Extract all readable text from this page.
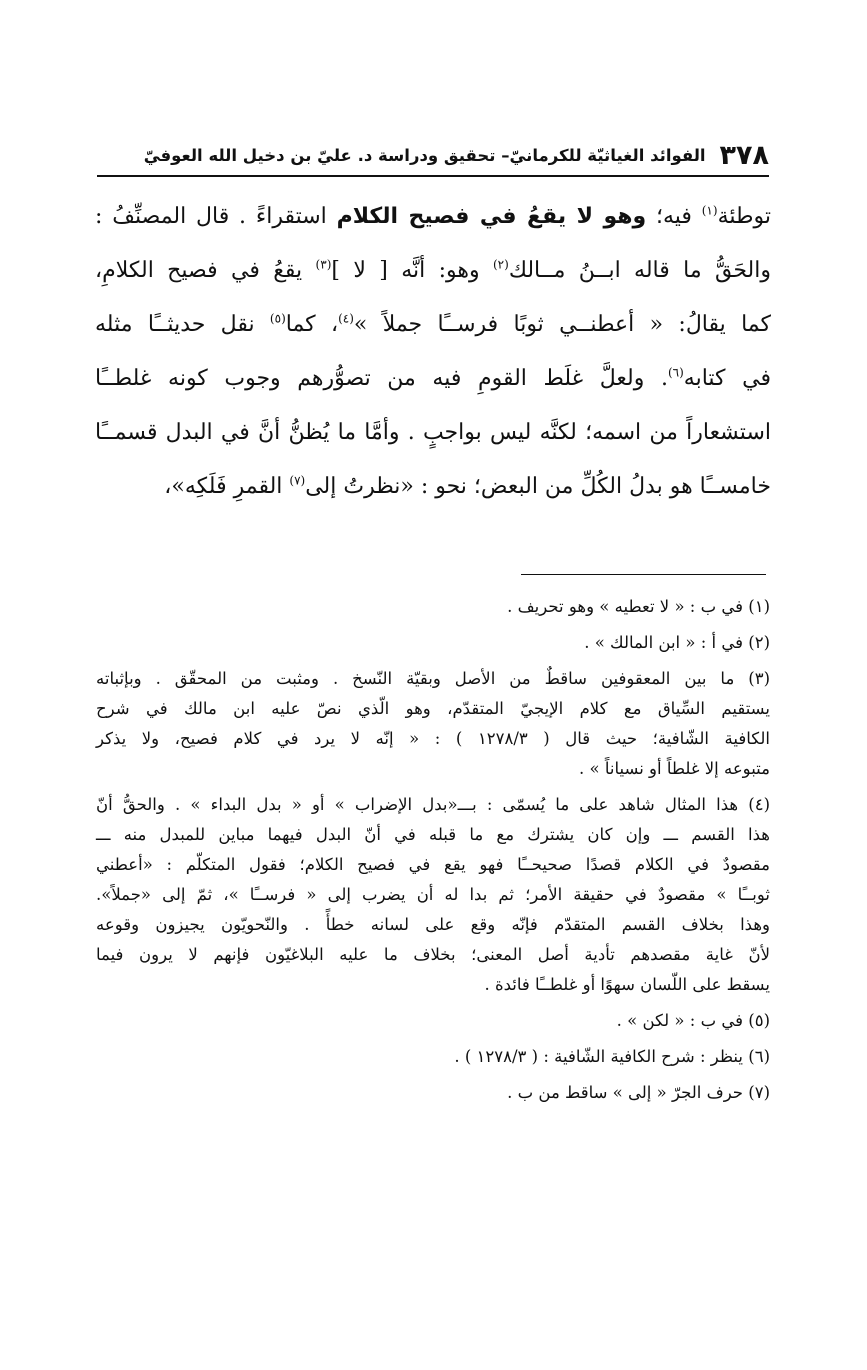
٣٧٨
الفوائد الغياثيّة للكرمانيّ– تحقيق ودراسة د. عليّ بن دخيل الله العوفيّ
توطئة$^{(١)}$ فيه؛ وهو لا يقعُ في فصيح الكلام استقراءً . قال المصنِّفُ :
والحَقُّ ما قاله ابــنُ مــالك$^{(٢)}$ وهو: أنَّه [ لا ]$^{(٣)}$ يقعُ في فصيح الكلامِ،
كما يقالُ: « أعطنــي ثوبًا فرســًا جملاً »$^{(٤)}$، كما$^{(٥)}$ نقل حديثــًا مثله
في كتابه$^{(٦)}$. ولعلَّ غلَط القومِ فيه من تصوُّرهم وجوب كونه غلطــًا
استشعاراً من اسمه؛ لكنَّه ليس بواجبٍ . وأمَّا ما يُظنُّ أنَّ في البدل قسمــًا
خامســًا هو بدلُ الكُلِّ من البعض؛ نحو : «نظرتُ إلى$^{(٧)}$ القمرِ فَلَكِه»،
(١) في ب : « لا تعطيه » وهو تحريف .
(٢) في أ : « ابن المالك » .
(٣) ما بين المعقوفين ساقطٌ من الأصل وبقيّة النّسخ . ومثبت من المحقّق . وبإثباته
يستقيم السِّياق مع كلام الإيجيّ المتقدّم، وهو الّذي نصّ عليه ابن مالك في شرح
الكافية الشّافية؛ حيث قال ( ١٢٧٨/٣ ) : « إنّه لا يرد في كلام فصيح، ولا يذكر
متبوعه إلا غلطاً أو نسياناً » .
(٤) هذا المثال شاهد على ما يُسمّى : بـــ«بدل الإضراب » أو « بدل البداء » . والحقُّ أنّ
هذا القسم ـــ وإن كان يشترك مع ما قبله في أنّ البدل فيهما مباين للمبدل منه ـــ
مقصودٌ في الكلام قصدًا صحيحــًا فهو يقع في فصيح الكلام؛ فقول المتكلّم : «أعطني
ثوبــًا » مقصودٌ في حقيقة الأمر؛ ثم بدا له أن يضرب إلى « فرســًا »، ثمّ إلى «جملاً».
وهذا بخلاف القسم المتقدّم فإنّه وقع على لسانه خطأً . والنّحويّون يجيزون وقوعه
لأنّ غاية مقصدهم تأدية أصل المعنى؛ بخلاف ما عليه البلاغيّون فإنهم لا يرون فيما
يسقط على اللّسان سهوًا أو غلطــًا فائدة .
(٥) في ب : « لكن » .
(٦) ينظر : شرح الكافية الشّافية : ( ١٢٧٨/٣ ) .
(٧) حرف الجرّ « إلى » ساقط من ب .
